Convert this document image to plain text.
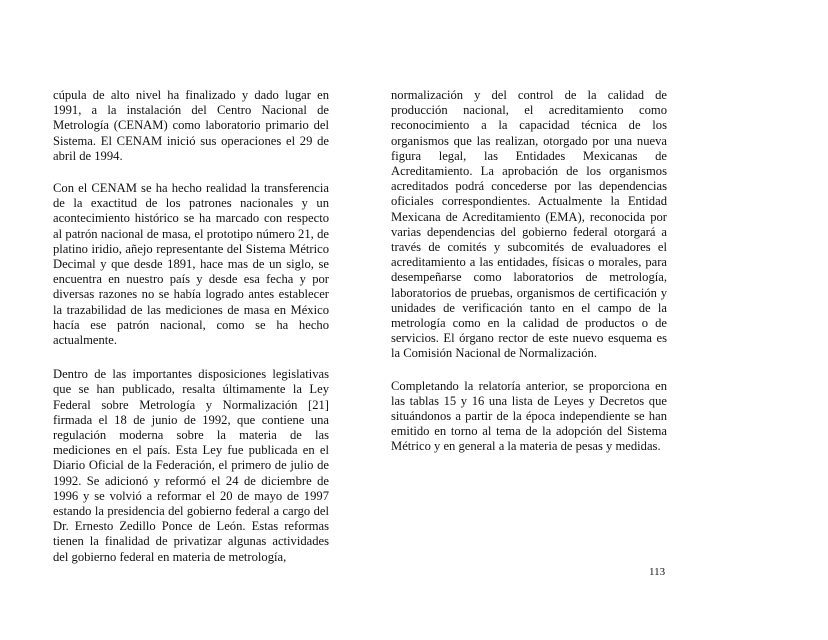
cúpula de alto nivel ha finalizado y dado lugar en 1991, a la instalación del Centro Nacional de Metrología (CENAM) como laboratorio primario del Sistema. El CENAM inició sus operaciones el 29 de abril de 1994.

Con el CENAM se ha hecho realidad la transferencia de la exactitud de los patrones nacionales y un acontecimiento histórico se ha marcado con respecto al patrón nacional de masa, el prototipo número 21, de platino iridio, añejo representante del Sistema Métrico Decimal y que desde 1891, hace mas de un siglo, se encuentra en nuestro país y desde esa fecha y por diversas razones no se había logrado antes establecer la trazabilidad de las mediciones de masa en México hacía ese patrón nacional, como se ha hecho actualmente.

Dentro de las importantes disposiciones legislativas que se han publicado, resalta últimamente la Ley Federal sobre Metrología y Normalización [21] firmada el 18 de junio de 1992, que contiene una regulación moderna sobre la materia de las mediciones en el país. Esta Ley fue publicada en el Diario Oficial de la Federación, el primero de julio de 1992. Se adicionó y reformó el 24 de diciembre de 1996 y se volvió a reformar el 20 de mayo de 1997 estando la presidencia del gobierno federal a cargo del Dr. Ernesto Zedillo Ponce de León. Estas reformas tienen la finalidad de privatizar algunas actividades del gobierno federal en materia de metrología,

normalización y del control de la calidad de producción nacional, el acreditamiento como reconocimiento a la capacidad técnica de los organismos que las realizan, otorgado por una nueva figura legal, las Entidades Mexicanas de Acreditamiento. La aprobación de los organismos acreditados podrá concederse por las dependencias oficiales correspondientes. Actualmente la Entidad Mexicana de Acreditamiento (EMA), reconocida por varias dependencias del gobierno federal otorgará a través de comités y subcomités de evaluadores el acreditamiento a las entidades, físicas o morales, para desempeñarse como laboratorios de metrología, laboratorios de pruebas, organismos de certificación y unidades de verificación tanto en el campo de la metrología como en la calidad de productos o de servicios. El órgano rector de este nuevo esquema es la Comisión Nacional de Normalización.

Completando la relatoría anterior, se proporciona en las tablas 15 y 16 una lista de Leyes y Decretos que situándonos a partir de la época independiente se han emitido en torno al tema de la adopción del Sistema Métrico y en general a la materia de pesas y medidas.

113
